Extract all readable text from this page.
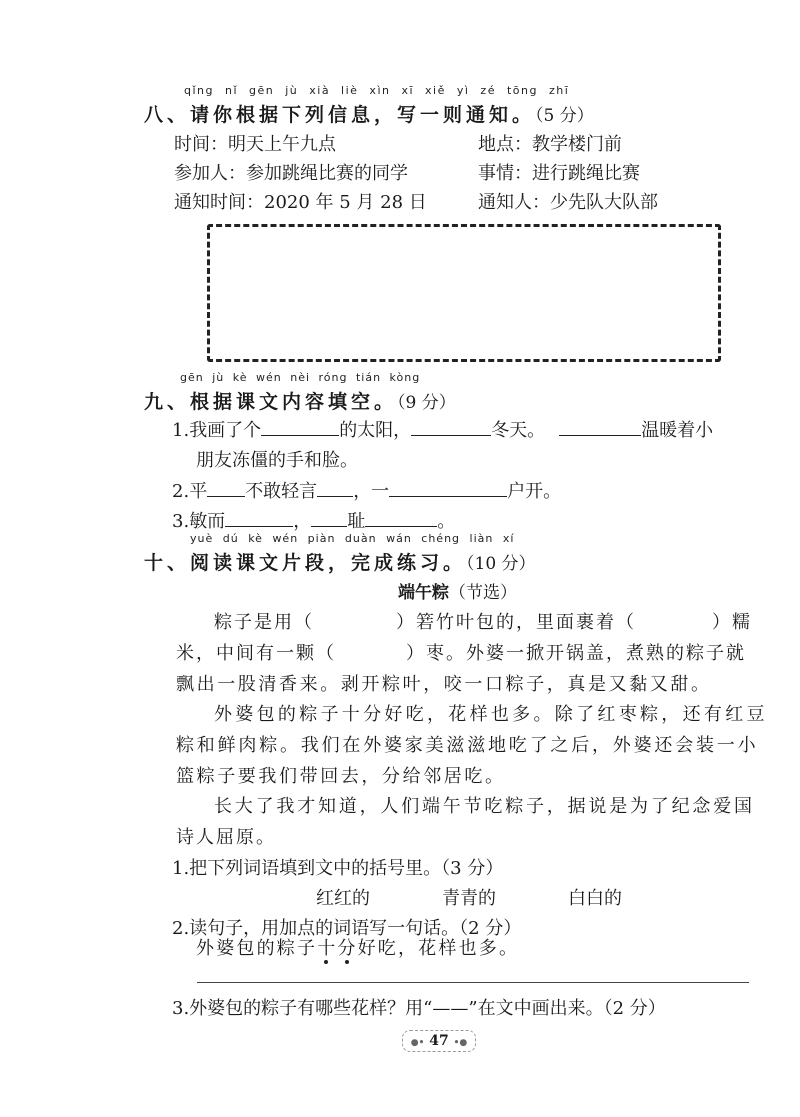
qǐng nǐ gēn jù xià liè xìn xī xiě yì zé tōng zhī
八、请你根据下列信息，写一则通知。（5 分）
时间：明天上午九点	地点：教学楼门前
参加人：参加跳绳比赛的同学	事情：进行跳绳比赛
通知时间：2020 年 5 月 28 日	通知人：少先队大队部
gēn jù kè wén nèi róng tián kòng
九、根据课文内容填空。（9 分）
1.我画了个	的太阳，	冬天。	温暖着小
朋友冻僵的手和脸。
2.平 不敢轻言 ，一	户开。
3.敏而	， 耻	。
yuè dú kè wén piàn duàn wán chéng liàn xí
十、阅读课文片段，完成练习。（10 分）
端午粽（节选）
粽子是用（	）箬竹叶包的，里面裹着（	）糯
米，中间有一颗（	）枣。外婆一掀开锅盖，煮熟的粽子就
飘出一股清香来。剥开粽叶，咬一口粽子，真是又黏又甜。
外婆包的粽子十分好吃，花样也多。除了红枣粽，还有红豆
粽和鲜肉粽。我们在外婆家美滋滋地吃了之后，外婆还会装一小
篮粽子要我们带回去，分给邻居吃。
长大了我才知道，人们端午节吃粽子，据说是为了纪念爱国
诗人屈原。
1.把下列词语填到文中的括号里。（3 分）
红红的	青青的	白白的
2.读句子，用加点的词语写一句话。（2 分）
外婆包的粽子十分好吃，花样也多。
3.外婆包的粽子有哪些花样？用“——”在文中画出来。（2 分）
●• 47 •●
